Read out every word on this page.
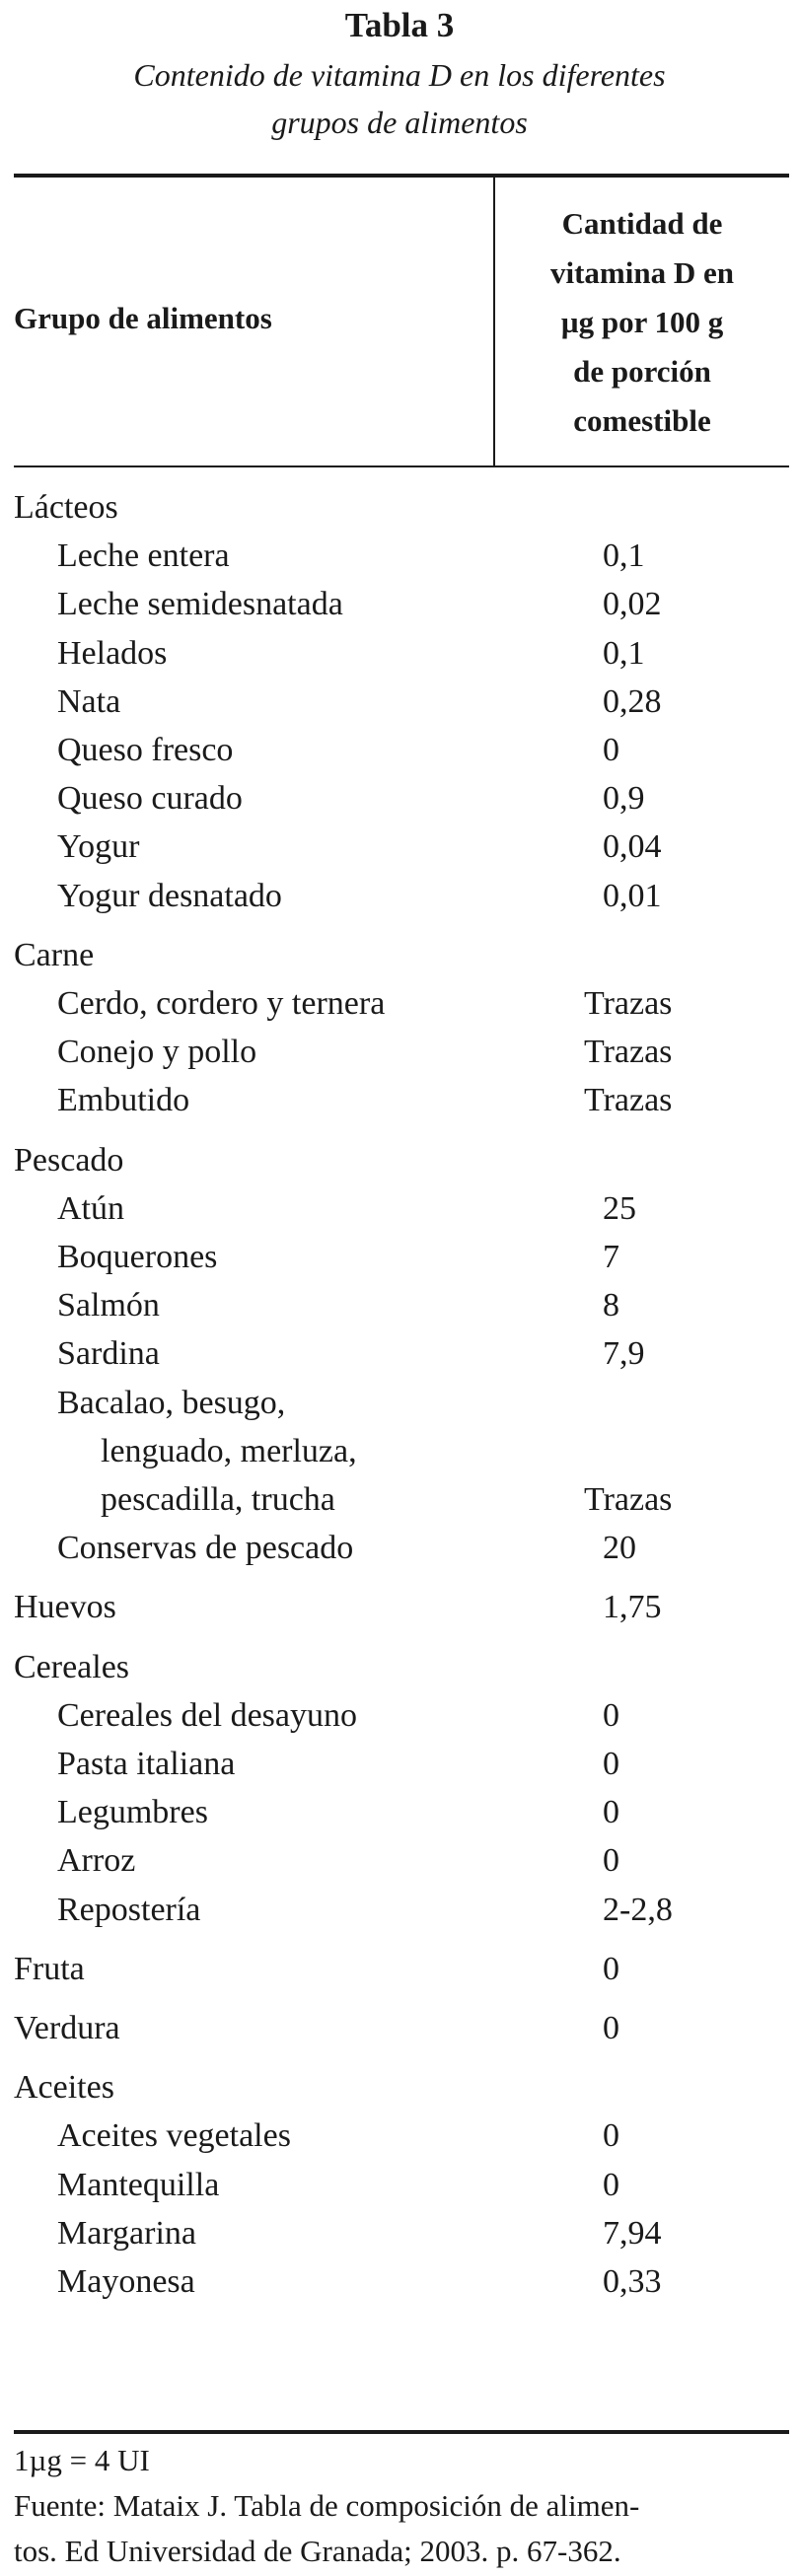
Tabla 3
Contenido de vitamina D en los diferentes
grupos de alimentos
Grupo de alimentos
Cantidad de
vitamina D en
µg por 100 g
de porción
comestible
Lácteos
Leche entera	0,1
Leche semidesnatada	0,02
Helados	0,1
Nata	0,28
Queso fresco	0
Queso curado	0,9
Yogur	0,04
Yogur desnatado	0,01
Carne
Cerdo, cordero y ternera	Trazas
Conejo y pollo	Trazas
Embutido	Trazas
Pescado
Atún	25
Boquerones	7
Salmón	8
Sardina	7,9
Bacalao, besugo,
lenguado, merluza,
pescadilla, trucha	Trazas
Conservas de pescado	20
Huevos	1,75
Cereales
Cereales del desayuno	0
Pasta italiana	0
Legumbres	0
Arroz	0
Repostería	2-2,8
Fruta	0
Verdura	0
Aceites
Aceites vegetales	0
Mantequilla	0
Margarina	7,94
Mayonesa	0,33
1µg = 4 UI
Fuente: Mataix J. Tabla de composición de alimen-
tos. Ed Universidad de Granada; 2003. p. 67-362.
